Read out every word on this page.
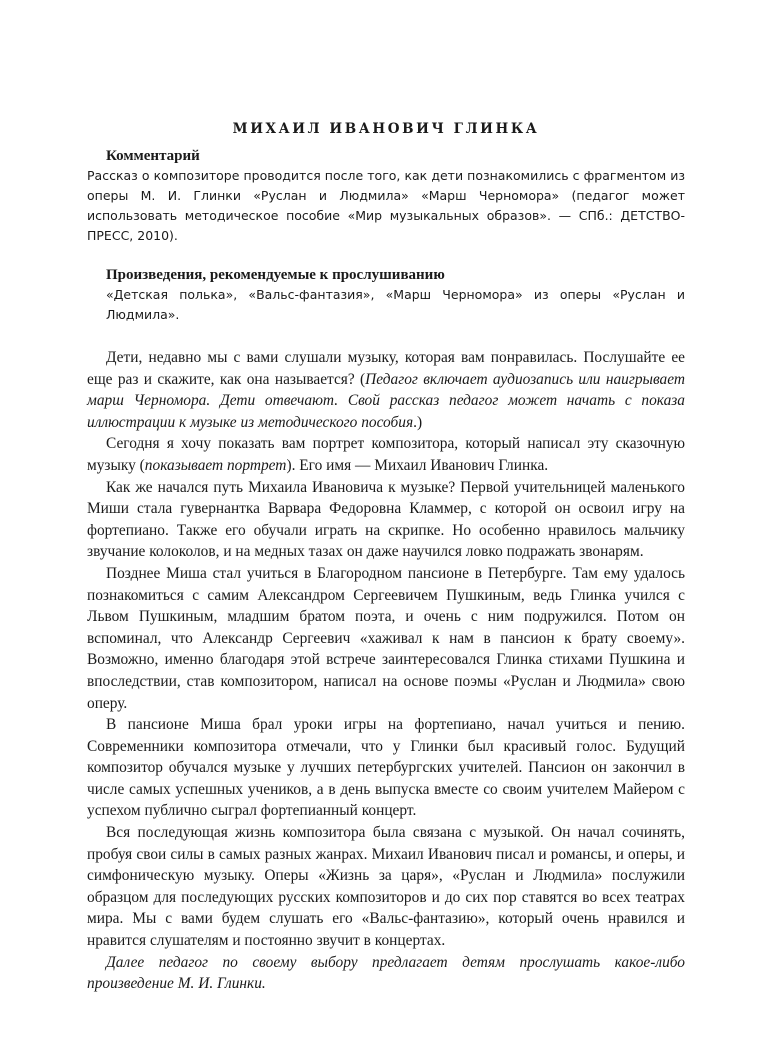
МИХАИЛ ИВАНОВИЧ ГЛИНКА

Комментарий

Рассказ о композиторе проводится после того, как дети познакомились с фрагментом из оперы М. И. Глинки «Руслан и Людмила» «Марш Черномора» (педагог может использовать методическое пособие «Мир музыкальных образов». — СПб.: ДЕТСТВО-ПРЕСС, 2010).

Произведения, рекомендуемые к прослушиванию

«Детская полька», «Вальс-фантазия», «Марш Черномора» из оперы «Руслан и Людмила».

Дети, недавно мы с вами слушали музыку, которая вам понравилась. Послушайте ее еще раз и скажите, как она называется? (Педагог включает аудиозапись или наигрывает марш Черномора. Дети отвечают. Свой рассказ педагог может начать с показа иллюстрации к музыке из методического пособия.)

Сегодня я хочу показать вам портрет композитора, который написал эту сказочную музыку (показывает портрет). Его имя — Михаил Иванович Глинка.

Как же начался путь Михаила Ивановича к музыке? Первой учительницей маленького Миши стала гувернантка Варвара Федоровна Кламмер, с которой он освоил игру на фортепиано. Также его обучали играть на скрипке. Но особенно нравилось мальчику звучание колоколов, и на медных тазах он даже научился ловко подражать звонарям.

Позднее Миша стал учиться в Благородном пансионе в Петербурге. Там ему удалось познакомиться с самим Александром Сергеевичем Пушкиным, ведь Глинка учился с Львом Пушкиным, младшим братом поэта, и очень с ним подружился. Потом он вспоминал, что Александр Сергеевич «хаживал к нам в пансион к брату своему». Возможно, именно благодаря этой встрече заинтересовался Глинка стихами Пушкина и впоследствии, став композитором, написал на основе поэмы «Руслан и Людмила» свою оперу.

В пансионе Миша брал уроки игры на фортепиано, начал учиться и пению. Современники композитора отмечали, что у Глинки был красивый голос. Будущий композитор обучался музыке у лучших петербургских учителей. Пансион он закончил в числе самых успешных учеников, а в день выпуска вместе со своим учителем Майером с успехом публично сыграл фортепианный концерт.

Вся последующая жизнь композитора была связана с музыкой. Он начал сочинять, пробуя свои силы в самых разных жанрах. Михаил Иванович писал и романсы, и оперы, и симфоническую музыку. Оперы «Жизнь за царя», «Руслан и Людмила» послужили образцом для последующих русских композиторов и до сих пор ставятся во всех театрах мира. Мы с вами будем слушать его «Вальс-фантазию», который очень нравился и нравится слушателям и постоянно звучит в концертах.

Далее педагог по своему выбору предлагает детям прослушать какое-либо произведение М. И. Глинки.
